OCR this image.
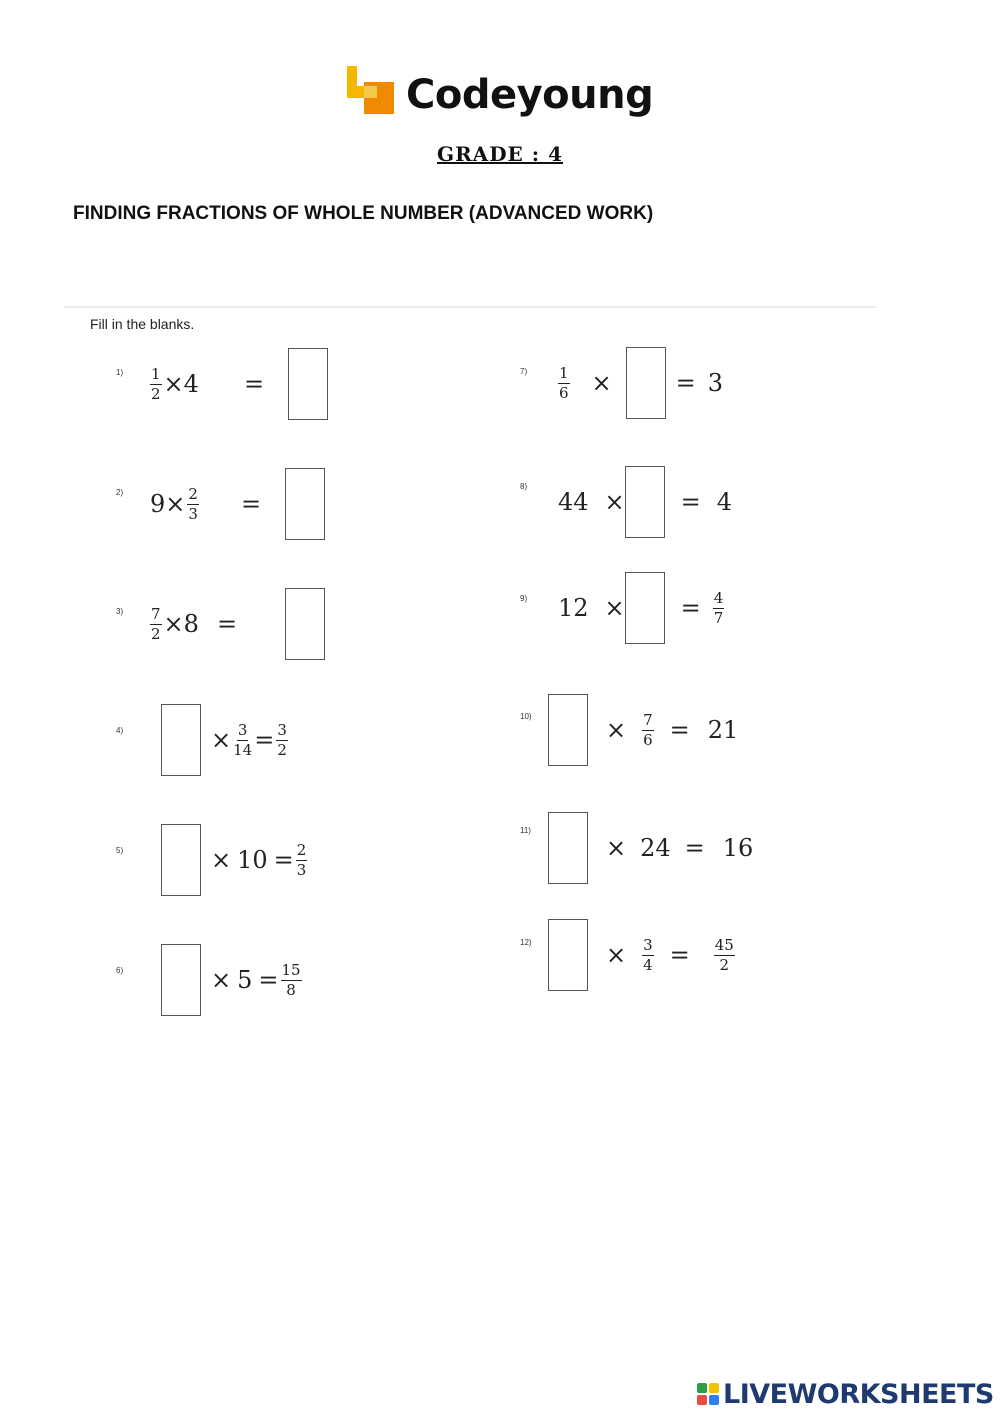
Codeyoung
GRADE : 4
FINDING FRACTIONS OF WHOLE NUMBER (ADVANCED WORK)
Fill in the blanks.
$1) \frac{1}{2} \times 4$ =
2) $9 \times \frac{2}{3}$ =
$3) \frac{7}{2} \times 8$ =
4)	× $\frac{3}{14} = \frac{3}{2}$
5)	× $10 = \frac{2}{3}$
6)	× $5 = \frac{15}{8}$
$7) \frac{1}{6}$ ×	= 3
8)
44 × = 4
9) 12 × = $\frac{4}{7}$
10)	× $\frac{7}{6} = 21$
11)
× 24 = 16
12)	× $\frac{3}{4} = \frac{45}{2}$
LIVEWORKSHEETS
